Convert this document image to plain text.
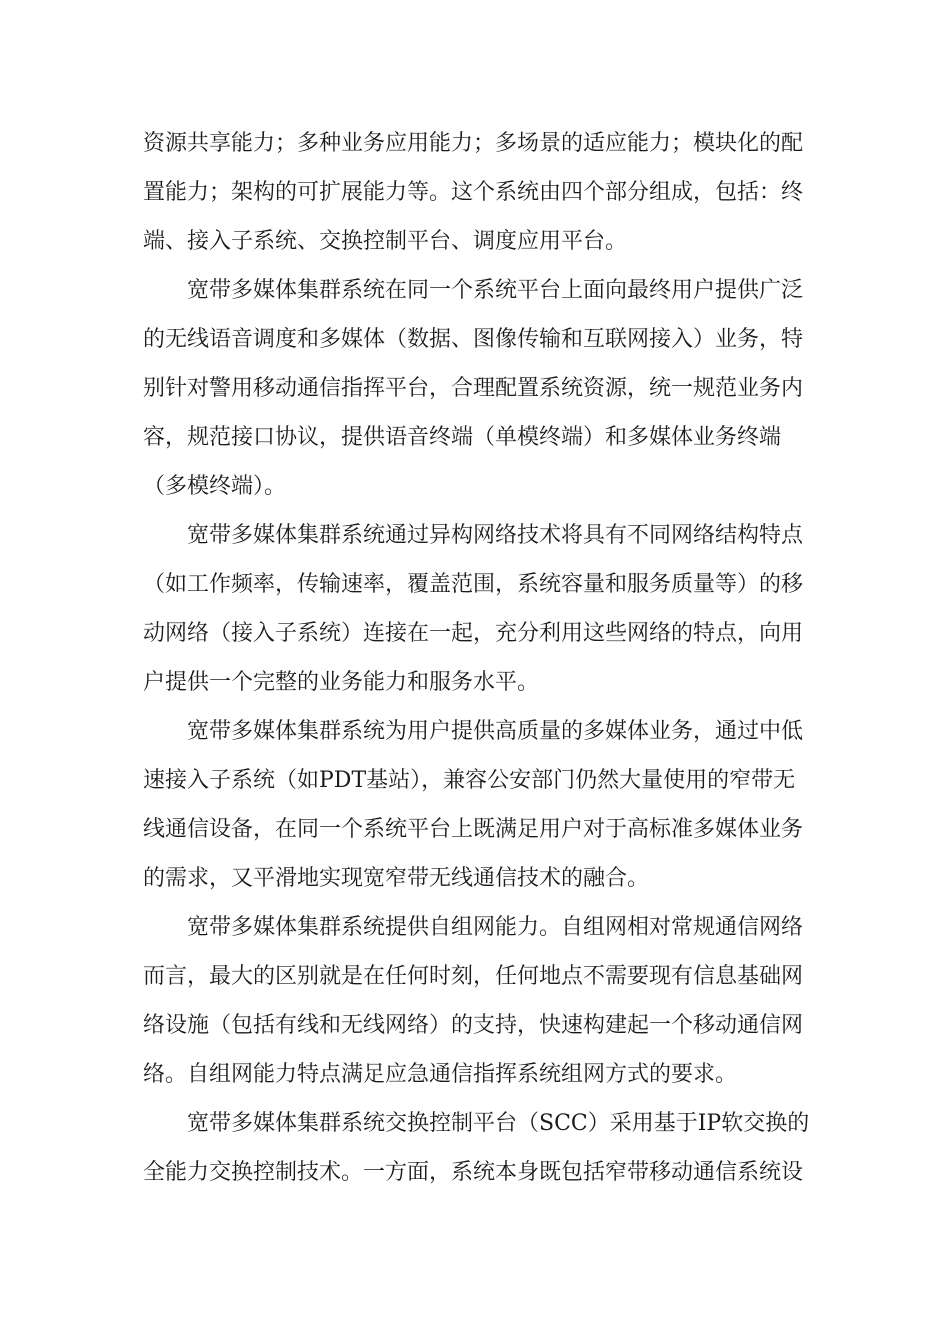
资源共享能力；多种业务应用能力；多场景的适应能力；模块化的配
置能力；架构的可扩展能力等。这个系统由四个部分组成，包括：终
端、接入子系统、交换控制平台、调度应用平台。
宽带多媒体集群系统在同一个系统平台上面向最终用户提供广泛
的无线语音调度和多媒体（数据、图像传输和互联网接入）业务，特
别针对警用移动通信指挥平台，合理配置系统资源，统一规范业务内
容，规范接口协议，提供语音终端（单模终端）和多媒体业务终端
（多模终端）。
宽带多媒体集群系统通过异构网络技术将具有不同网络结构特点
（如工作频率，传输速率，覆盖范围，系统容量和服务质量等）的移
动网络（接入子系统）连接在一起，充分利用这些网络的特点，向用
户提供一个完整的业务能力和服务水平。
宽带多媒体集群系统为用户提供高质量的多媒体业务，通过中低
速接入子系统（如PDT基站），兼容公安部门仍然大量使用的窄带无
线通信设备，在同一个系统平台上既满足用户对于高标准多媒体业务
的需求，又平滑地实现宽窄带无线通信技术的融合。
宽带多媒体集群系统提供自组网能力。自组网相对常规通信网络
而言，最大的区别就是在任何时刻，任何地点不需要现有信息基础网
络设施（包括有线和无线网络）的支持，快速构建起一个移动通信网
络。自组网能力特点满足应急通信指挥系统组网方式的要求。
宽带多媒体集群系统交换控制平台（SCC）采用基于IP软交换的
全能力交换控制技术。一方面，系统本身既包括窄带移动通信系统设
